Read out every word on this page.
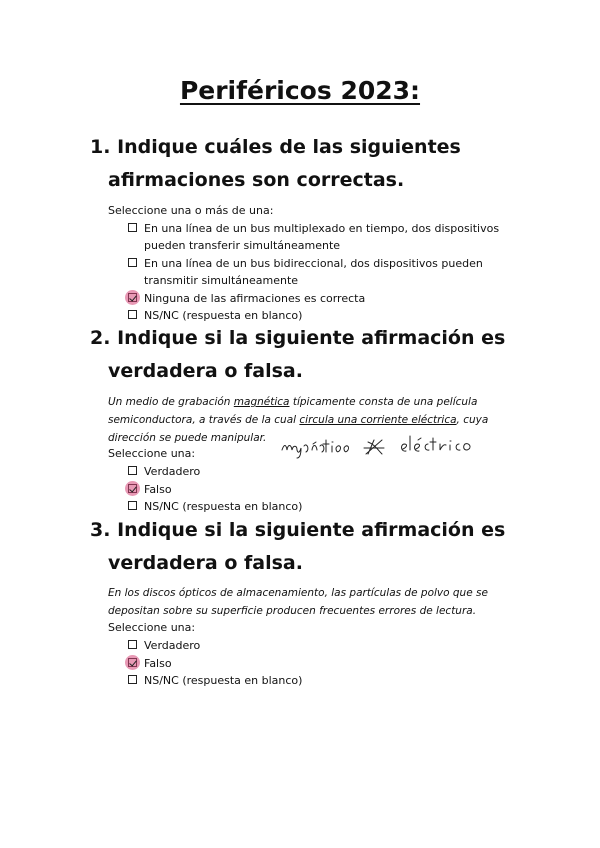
Periféricos 2023:
1. Indique cuáles de las siguientes
afirmaciones son correctas.
Seleccione una o más de una:
En una línea de un bus multiplexado en tiempo, dos dispositivos pueden transferir simultáneamente
En una línea de un bus bidireccional, dos dispositivos pueden transmitir simultáneamente
Ninguna de las afirmaciones es correcta
NS/NC (respuesta en blanco)
2. Indique si la siguiente afirmación es
verdadera o falsa.

Un medio de grabación magnética típicamente consta de una película semiconductora, a través de la cual circula una corriente eléctrica, cuya dirección se puede manipular.

Seleccione una:
Verdadero
Falso
NS/NC (respuesta en blanco)
3. Indique si la siguiente afirmación es
verdadera o falsa.

En los discos ópticos de almacenamiento, las partículas de polvo que se depositan sobre su superficie producen frecuentes errores de lectura.

Seleccione una:
Verdadero
Falso
NS/NC (respuesta en blanco)
